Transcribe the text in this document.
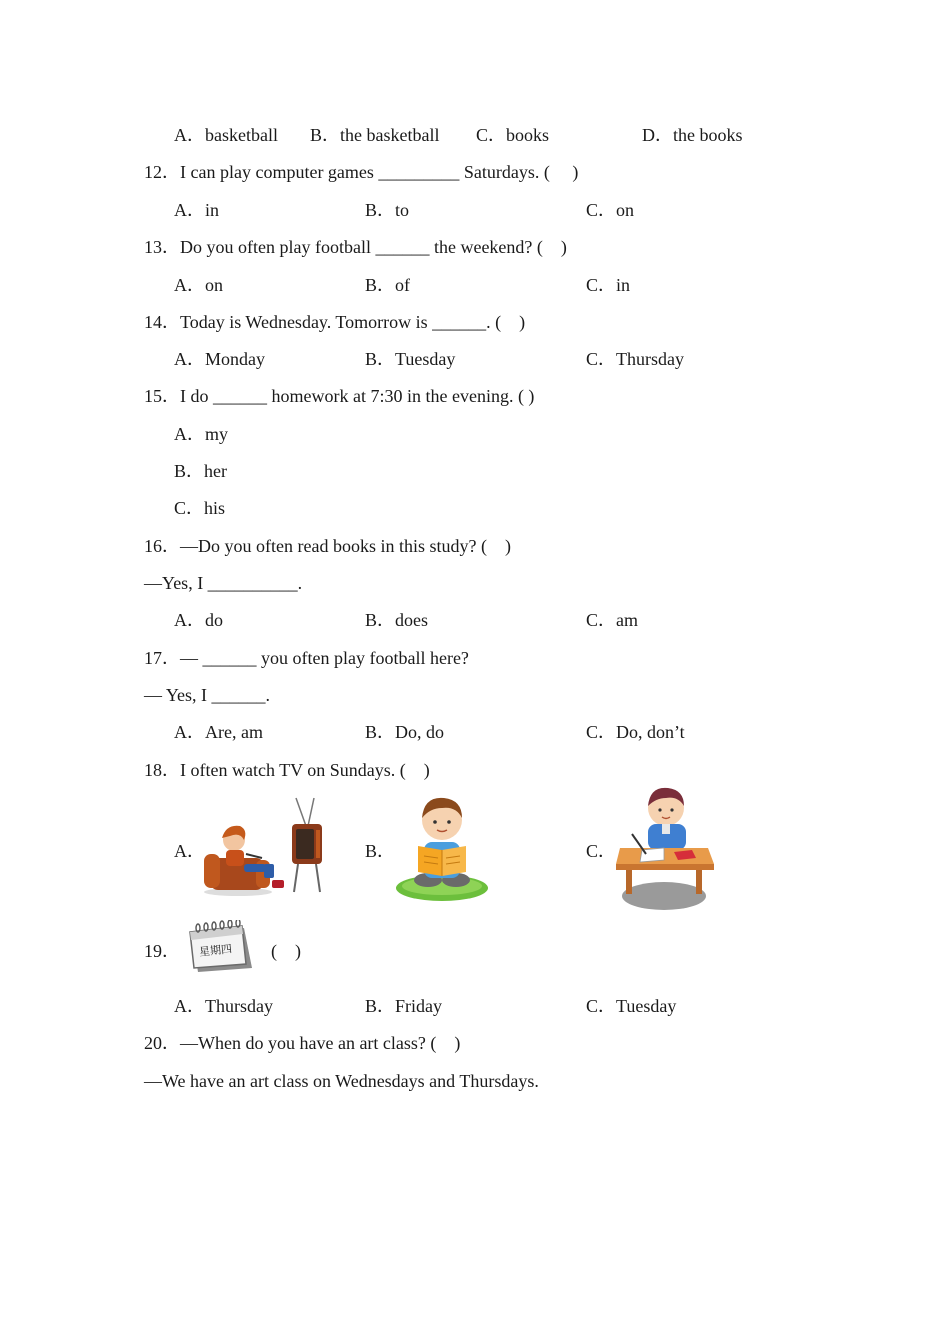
A．basketball B．the basketball C．books	D．the books
12．I can play computer games _________ Saturdays. (     )
A．in	B．to	C．on
13．Do you often play football ______ the weekend? (    )
A．on	B．of	C．in
14．Today is Wednesday. Tomorrow is ______. (    )
A．Monday	B．Tuesday	C．Thursday
15．I do ______ homework at 7:30 in the evening. ( )
A．my
B．her
C．his
16．—Do you often read books in this study? (    )
—Yes, I __________.
A．do	B．does	C．am
17．— ______ you often play football here?
— Yes, I ______.
A．Are, am	B．Do, do	C．Do, don’t
18．I often watch TV on Sundays. (    )
A．	B．	C．
19． 星期四 (    )
A．Thursday	B．Friday	C．Tuesday
20．—When do you have an art class? (    )
—We have an art class on Wednesdays and Thursdays.
